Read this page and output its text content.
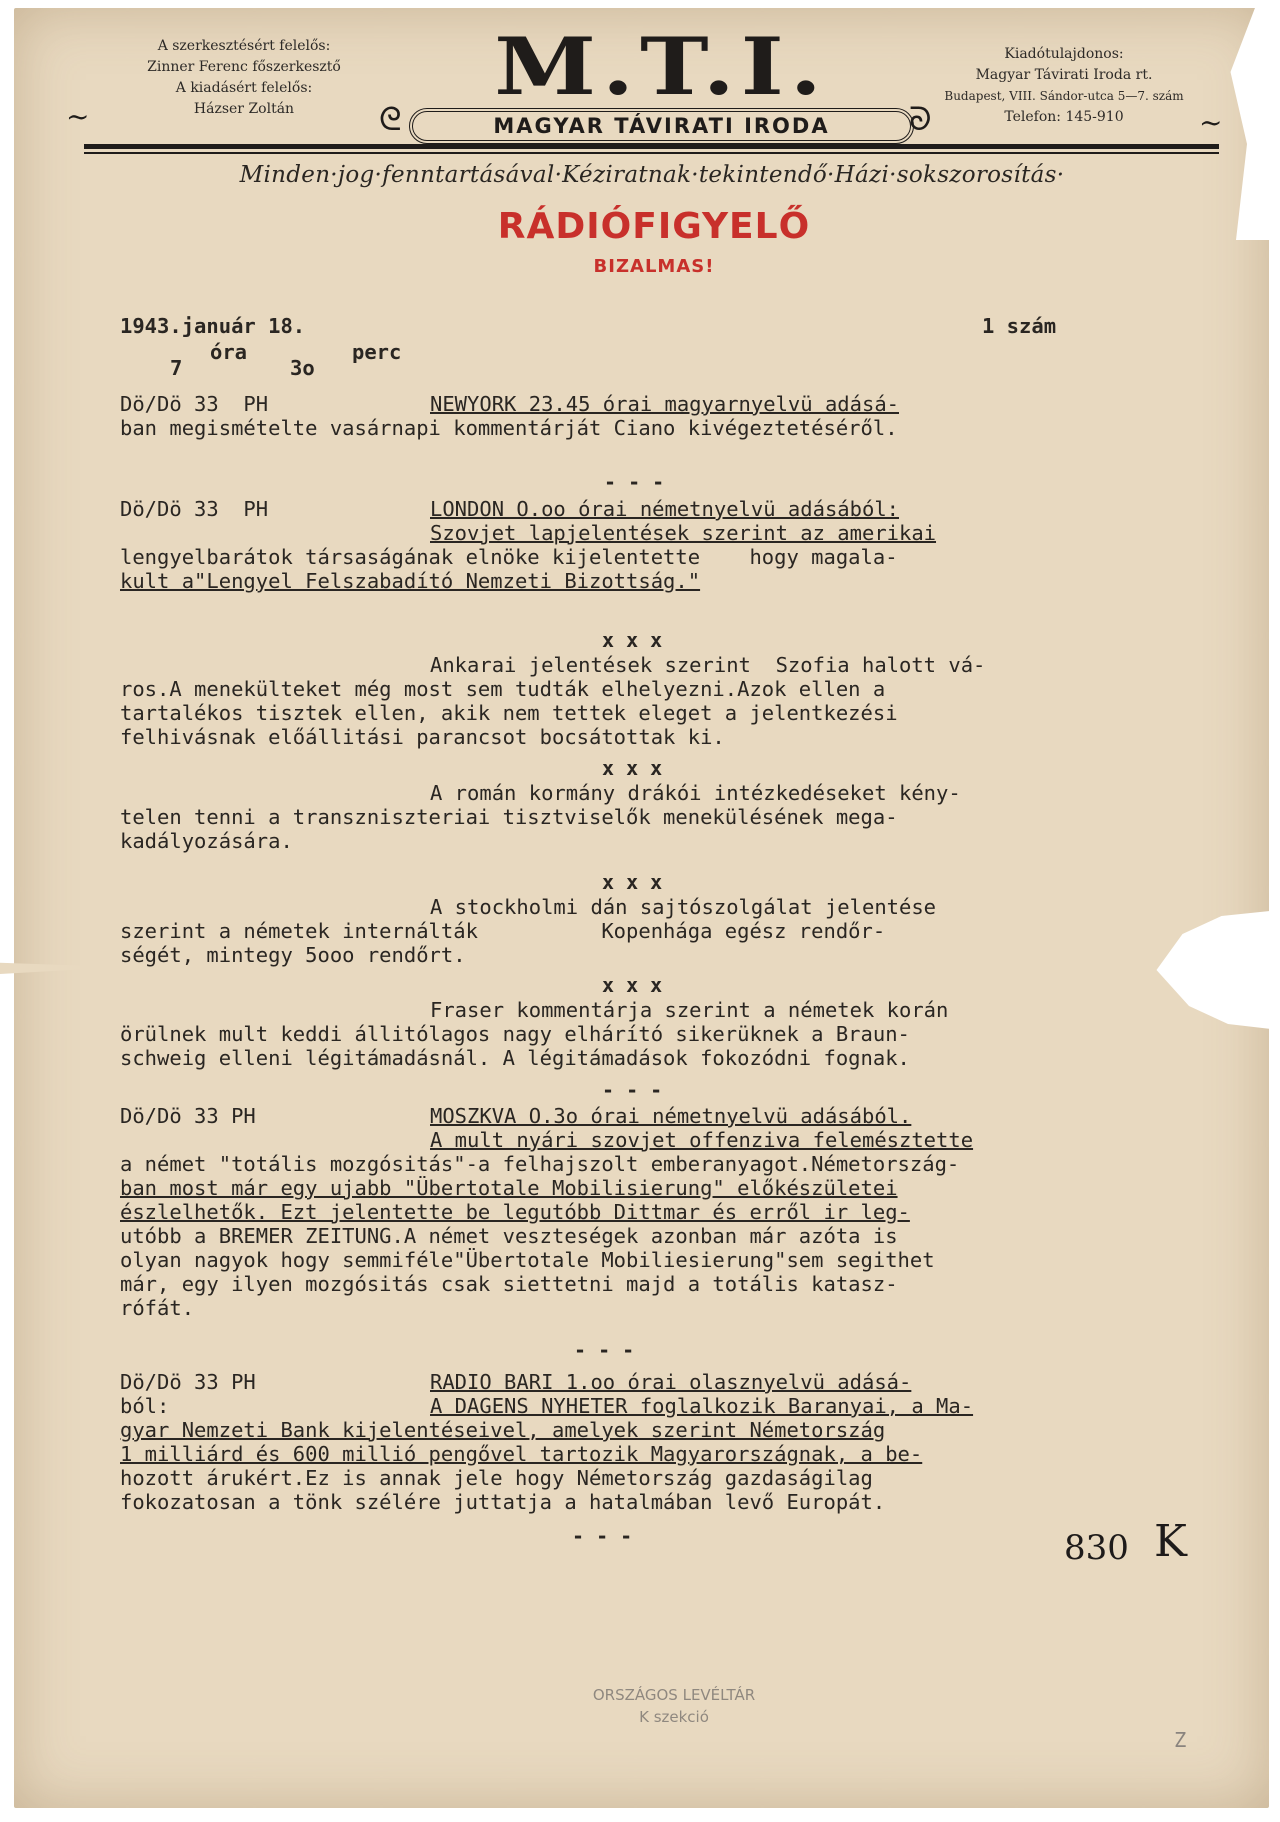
A szerkesztésért felelős:
Zinner Ferenc főszerkesztő
A kiadásért felelős:
Házser Zoltán	M.T.I.
MAGYAR TÁVIRATI IRODA
ᘓ	ᘐ
~	~
Kiadótulajdonos:
Magyar Távirati Iroda rt.
Budapest, VIII. Sándor-utca 5—7. szám
Telefon: 145-910
Minden·jog·fenntartásával·Kéziratnak·tekintendő·Házi·sokszorosítás·
RÁDIÓFIGYELŐ
BIZALMAS!
1943.január 18.	1 szám
7
óra
3o
perc
Dö/Dö 33  PH	NEWYORK 23.45 órai magyarnyelvü adásá-
ban megismételte vasárnapi kommentárját Ciano kivégeztetéséről.
- - -
Dö/Dö 33  PH	LONDON O.oo órai németnyelvü adásából:
Szovjet lapjelentések szerint az amerikai
lengyelbarátok társaságának elnöke kijelentette    hogy magala-
kult a"Lengyel Felszabadító Nemzeti Bizottság."
x x x
Ankarai jelentések szerint  Szofia halott vá-
ros.A menekülteket még most sem tudták elhelyezni.Azok ellen a
tartalékos tisztek ellen, akik nem tettek eleget a jelentkezési
felhivásnak előállitási parancsot bocsátottak ki.
x x x
A román kormány drákói intézkedéseket kény-
telen tenni a transzniszteriai tisztviselők menekülésének mega-
kadályozására.
x x x
A stockholmi dán sajtószolgálat jelentése
szerint a németek internálták          Kopenhága egész rendőr-
ségét, mintegy 5ooo rendőrt.
x x x
Fraser kommentárja szerint a németek korán
örülnek mult keddi állitólagos nagy elhárító sikerüknek a Braun-
schweig elleni légitámadásnál. A légitámadások fokozódni fognak.
- - -
Dö/Dö 33 PH	MOSZKVA O.3o órai németnyelvü adásából.
A mult nyári szovjet offenziva felemésztette
a német "totális mozgósitás"-a felhajszolt emberanyagot.Németország-
ban most már egy ujabb "Übertotale Mobilisierung" előkészületei
észlelhetők. Ezt jelentette be legutóbb Dittmar és erről ir leg-
utóbb a BREMER ZEITUNG.A német veszteségek azonban már azóta is
olyan nagyok hogy semmiféle"Übertotale Mobiliesierung"sem segithet
már, egy ilyen mozgósitás csak siettetni majd a totális katasz-
rófát.
- - -
Dö/Dö 33 PH	RADIO BARI 1.oo órai olasznyelvü adásá-
ból:	A DAGENS NYHETER foglalkozik Baranyai, a Ma-
gyar Nemzeti Bank kijelentéseivel, amelyek szerint Németország
1 milliárd és 600 millió pengővel tartozik Magyarországnak, a be-
hozott árukért.Ez is annak jele hogy Németország gazdaságilag
fokozatosan a tönk szélére juttatja a hatalmában levő Europát.
- - -	830 K
ORSZÁGOS LEVÉLTÁR
K szekció
Z
